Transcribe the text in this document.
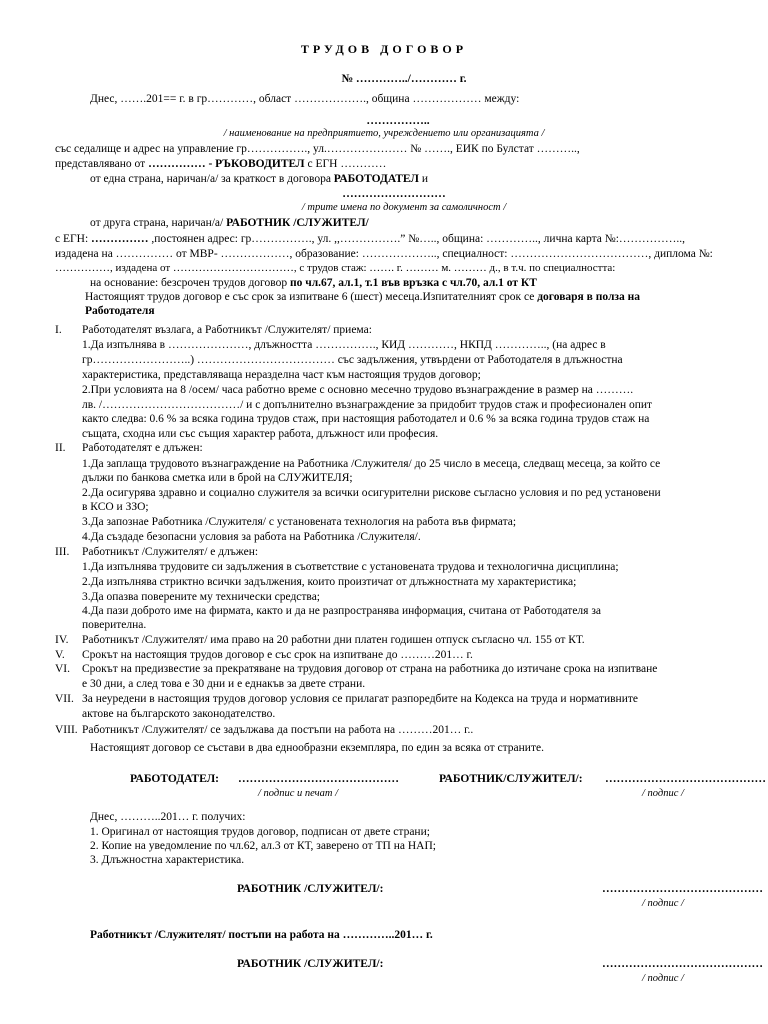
ТРУДОВ ДОГОВОР
№ …………../………… г.
Днес, …….201== г. в гр…………, област ………………., община ……………… между:
……………..
/ наименование на предприятието, учреждението или организацията /
със седалище и адрес на управление гр……………., ул.………………… № ……., ЕИК по Булстат ………..,
представлявано от …………… - РЪКОВОДИТЕЛ с ЕГН …………
от една страна, наричан/а/ за краткост в договора РАБОТОДАТЕЛ и
………………………
/ трите имена по документ за самоличност /
от друга страна, наричан/а/ РАБОТНИК /СЛУЖИТЕЛ/
с ЕГН: …………… ,постоянен адрес: гр……………., ул. ,,…………….” №….., община: ………….., лична карта №:……………..,
издадена на …………… от МВР- ………………, образование: ……………….., специалност: ………………………………, диплома №:
……………, издадена от ……………………………, с трудов стаж: ……. г. ……… м. ……… д., в т.ч. по специалността:
на основание: безсрочен трудов договор по чл.67, ал.1, т.1 във връзка с чл.70, ал.1 от КТ
Настоящият трудов договор е със срок за изпитване 6 (шест) месеца.Изпитателният срок се договаря в полза на
Работодателя
I. Работодателят възлага, а Работникът /Служителят/ приема:
1.Да изпълнява в …………………, длъжността ……………., КИД …………, НКПД ………….., (на адрес в
гр……………………..) ……………………………… със задължения, утвърдени от Работодателя в длъжностна
характеристика, представляваща неразделна част към настоящия трудов договор;
2.При условията на 8 /осем/ часа работно време с основно месечно трудово възнаграждение в размер на ……….
лв. /………………………………/ и с допълнително възнаграждение за придобит трудов стаж и професионален опит
както следва: 0.6 % за всяка година трудов стаж, при настоящия работодател и 0.6 % за всяка година трудов стаж на
същата, сходна или със същия характер работа, длъжност или професия.
II. Работодателят е длъжен:
1.Да заплаща трудовото възнаграждение на Работника /Служителя/ до 25 число в месеца, следващ месеца, за който се
дължи по банкова сметка или в брой на СЛУЖИТЕЛЯ;
2.Да осигурява здравно и социално служителя за всички осигурителни рискове съгласно условия и по ред установени
в КСО и ЗЗО;
3.Да запознае Работника /Служителя/ с установената технология на работа във фирмата;
4.Да създаде безопасни условия за работа на Работника /Служителя/.
III. Работникът /Служителят/ е длъжен:
1.Да изпълнява трудовите си задължения в съответствие с установената трудова и технологична дисциплина;
2.Да изпълнява стриктно всички задължения, които произтичат от длъжностната му характеристика;
3.Да опазва поверените му технически средства;
4.Да пази доброто име на фирмата, както и да не разпространява информация, считана от Работодателя за
поверителна.
IV. Работникът /Служителят/ има право на 20 работни дни платен годишен отпуск съгласно чл. 155 от КТ.
V. Срокът на настоящия трудов договор е със срок на изпитване до ………201… г.
VI. Срокът на предизвестие за прекратяване на трудовия договор от страна на работника до изтичане срока на изпитване
е 30 дни, а след това е 30 дни и е еднакъв за двете страни.
VII. За неуредени в настоящия трудов договор условия се прилагат разпоредбите на Кодекса на труда и нормативните
актове на българското законодателство.
VIII. Работникът /Служителят/ се задължава да постъпи на работа на ………201… г..
Настоящият договор се състави в два еднообразни екземпляра, по един за всяка от страните.
РАБОТОДАТЕЛ: ……………………………………
/ подпис и печат /
РАБОТНИК/СЛУЖИТЕЛ/: ……………………………………
/ подпис /
Днес, ………..201… г. получих:
1. Оригинал от настоящия трудов договор, подписан от двете страни;
2. Копие на уведомление по чл.62, ал.3 от КТ, заверено от ТП на НАП;
3. Длъжностна характеристика.
РАБОТНИК /СЛУЖИТЕЛ/:	……………………………………
/ подпис /
Работникът /Служителят/ постъпи на работа на …………..201… г.
РАБОТНИК /СЛУЖИТЕЛ/:	……………………………………
/ подпис /
